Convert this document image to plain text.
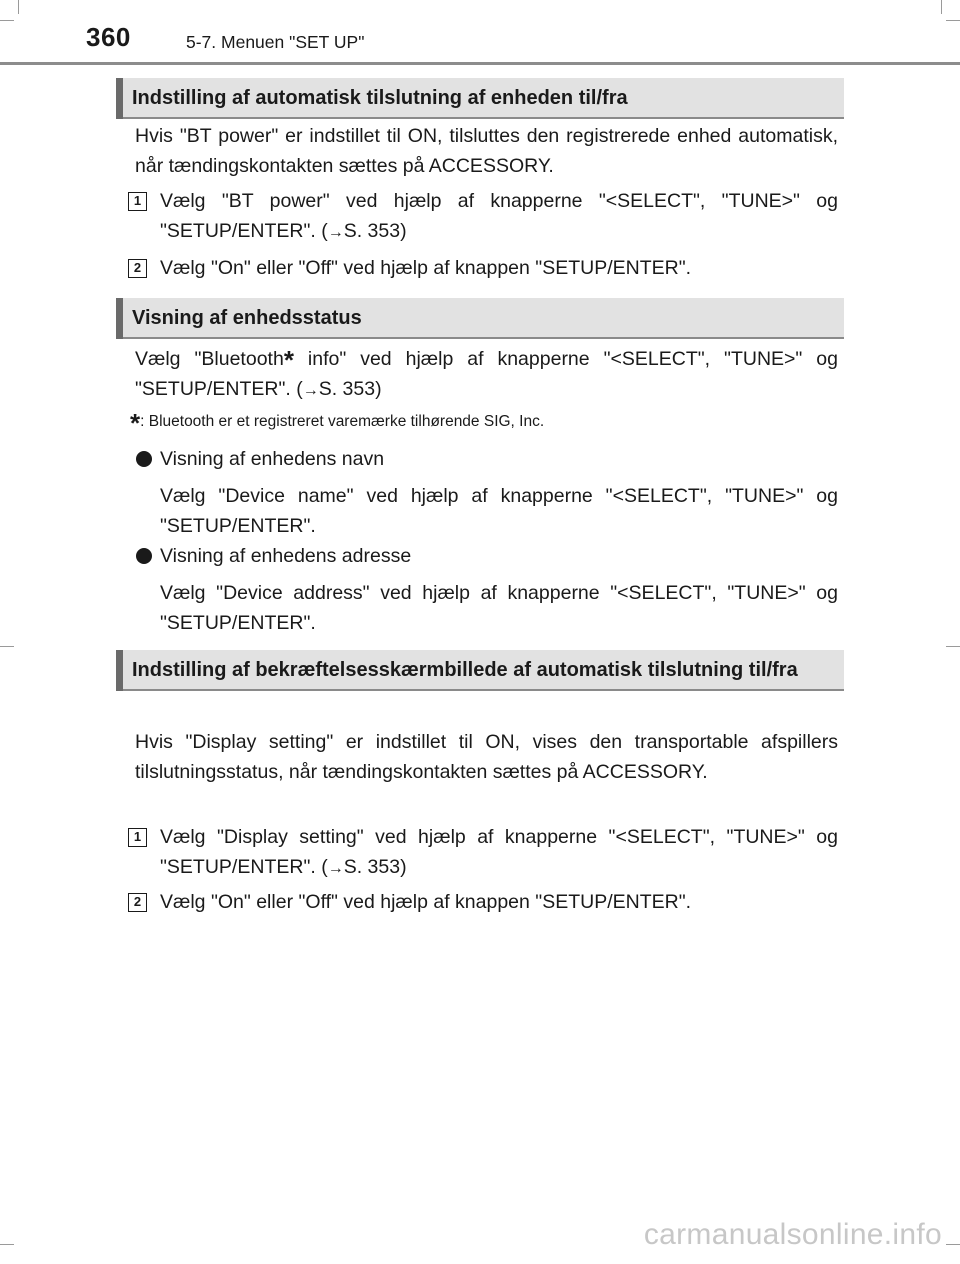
360	5-7. Menuen "SET UP"
Indstilling af automatisk tilslutning af enheden til/fra
Hvis "BT power" er indstillet til ON, tilsluttes den registrerede enhed automatisk, når tændingskontakten sættes på ACCESSORY.
1 Vælg "BT power" ved hjælp af knapperne "<SELECT", "TUNE>" og "SETUP/ENTER". (→S. 353)
2 Vælg "On" eller "Off" ved hjælp af knappen "SETUP/ENTER".
Visning af enhedsstatus
Vælg "Bluetooth* info" ved hjælp af knapperne "<SELECT", "TUNE>" og "SETUP/ENTER". (→S. 353)
*: Bluetooth er et registreret varemærke tilhørende SIG, Inc.
Visning af enhedens navn
Vælg "Device name" ved hjælp af knapperne "<SELECT", "TUNE>" og "SETUP/ENTER".
Visning af enhedens adresse
Vælg "Device address" ved hjælp af knapperne "<SELECT", "TUNE>" og "SETUP/ENTER".
Indstilling af bekræftelsesskærmbillede af automatisk tilslutning til/fra
Hvis "Display setting" er indstillet til ON, vises den transportable afspillers tilslutningsstatus, når tændingskontakten sættes på ACCESSORY.
1 Vælg "Display setting" ved hjælp af knapperne "<SELECT", "TUNE>" og "SETUP/ENTER". (→S. 353)
2 Vælg "On" eller "Off" ved hjælp af knappen "SETUP/ENTER".
carmanualsonline.info
